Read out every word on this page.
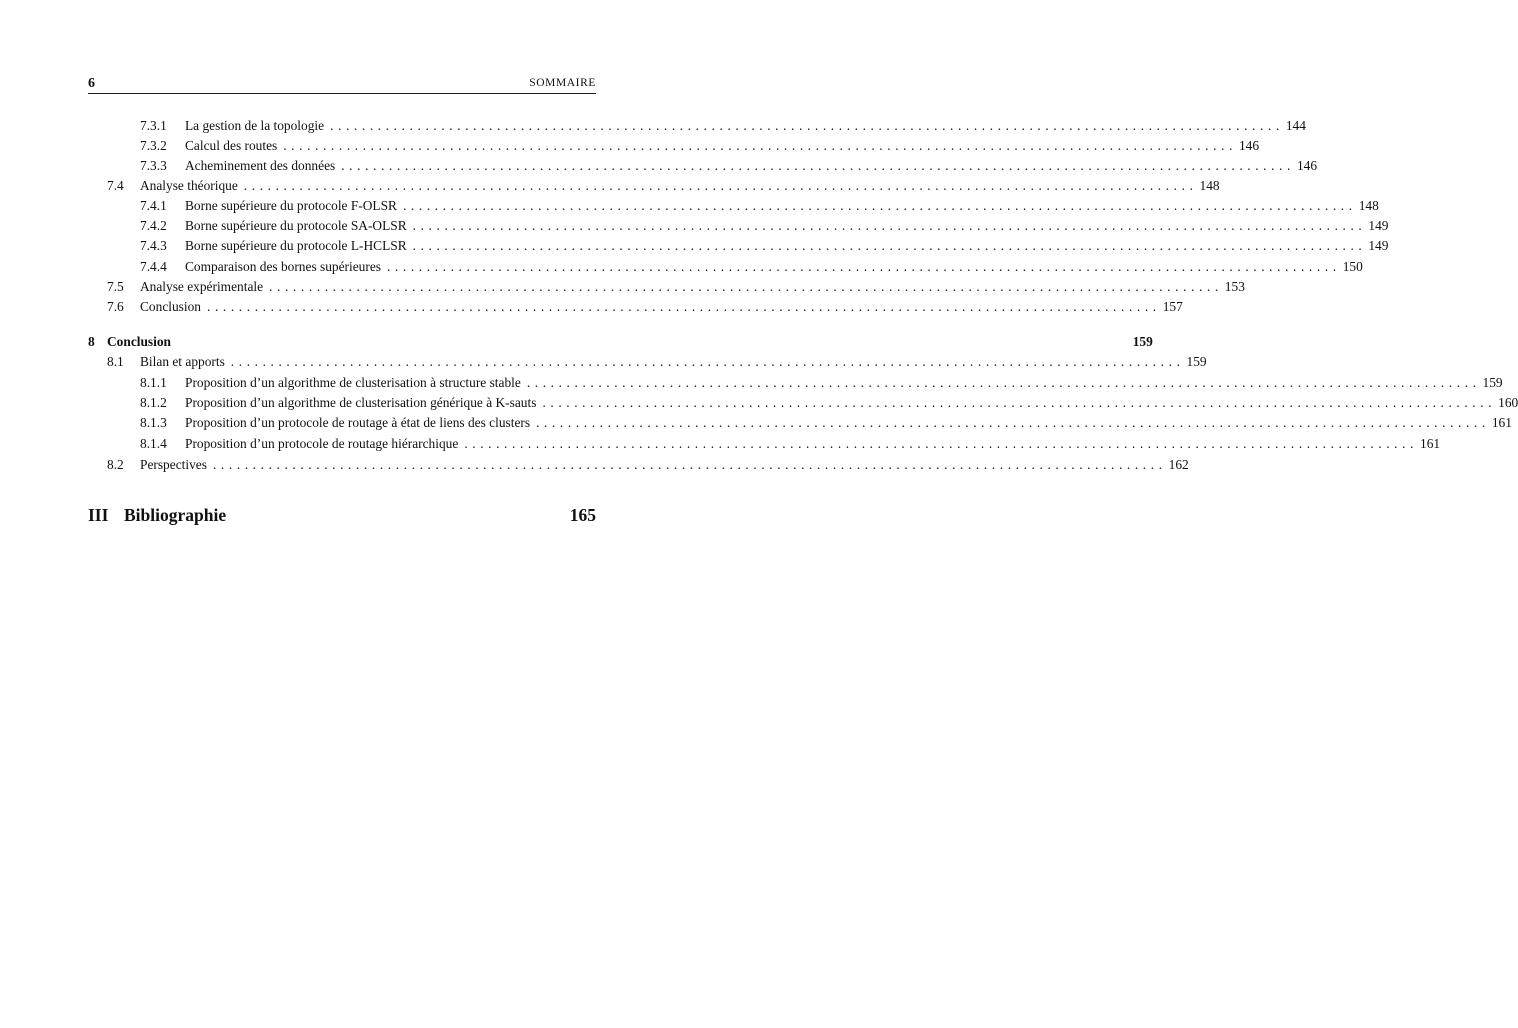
6	SOMMAIRE
7.3.1 La gestion de la topologie ........................................................................................................................ 144
7.3.2 Calcul des routes ........................................................................................................................ 146
7.3.3 Acheminement des données ........................................................................................................................ 146
7.4 Analyse théorique ........................................................................................................................ 148
7.4.1 Borne supérieure du protocole F-OLSR ........................................................................................................................ 148
7.4.2 Borne supérieure du protocole SA-OLSR ........................................................................................................................ 149
7.4.3 Borne supérieure du protocole L-HCLSR ........................................................................................................................ 149
7.4.4 Comparaison des bornes supérieures ........................................................................................................................ 150
7.5 Analyse expérimentale ........................................................................................................................ 153
7.6 Conclusion ........................................................................................................................ 157
8 Conclusion	159
8.1 Bilan et apports ........................................................................................................................ 159
8.1.1 Proposition d’un algorithme de clusterisation à structure stable ........................................................................................................................ 159
8.1.2 Proposition d’un algorithme de clusterisation générique à K-sauts ........................................................................................................................ 160
8.1.3 Proposition d’un protocole de routage à état de liens des clusters ........................................................................................................................ 161
8.1.4 Proposition d’un protocole de routage hiérarchique ........................................................................................................................ 161
8.2 Perspectives ........................................................................................................................ 162
III Bibliographie	165
